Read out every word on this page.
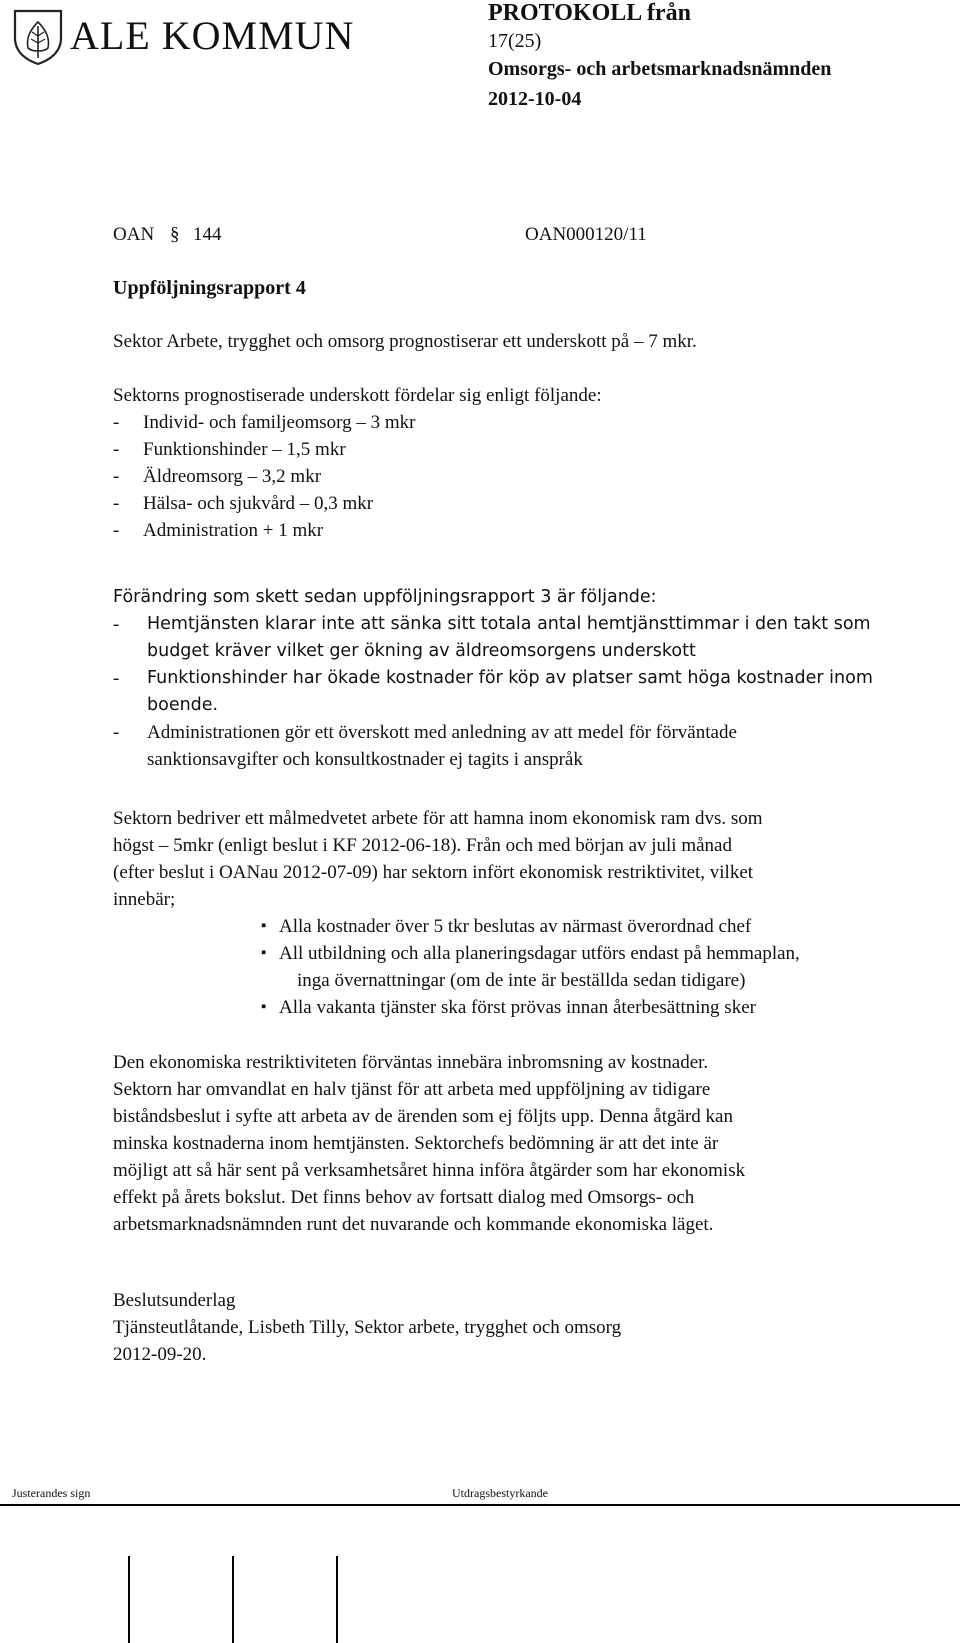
ALE KOMMUN	PROTOKOLL från
17(25)
Omsorgs- och arbetsmarknadsnämnden
2012-10-04
OAN § 144	OAN000120/11
Uppföljningsrapport 4
Sektor Arbete, trygghet och omsorg prognostiserar ett underskott på – 7 mkr.
Sektorns prognostiserade underskott fördelar sig enligt följande:
- Individ- och familjeomsorg – 3 mkr
- Funktionshinder – 1,5 mkr
- Äldreomsorg – 3,2 mkr
- Hälsa- och sjukvård – 0,3 mkr
- Administration + 1 mkr
Förändring som skett sedan uppföljningsrapport 3 är följande:
- Hemtjänsten klarar inte att sänka sitt totala antal hemtjänsttimmar i den takt som
budget kräver vilket ger ökning av äldreomsorgens underskott
- Funktionshinder har ökade kostnader för köp av platser samt höga kostnader inom
boende.
- Administrationen gör ett överskott med anledning av att medel för förväntade
sanktionsavgifter och konsultkostnader ej tagits i anspråk
Sektorn bedriver ett målmedvetet arbete för att hamna inom ekonomisk ram dvs. som
högst – 5mkr (enligt beslut i KF 2012-06-18). Från och med början av juli månad
(efter beslut i OANau 2012-07-09) har sektorn infört ekonomisk restriktivitet, vilket
innebär;
▪ Alla kostnader över 5 tkr beslutas av närmast överordnad chef
▪ All utbildning och alla planeringsdagar utförs endast på hemmaplan,
inga övernattningar (om de inte är beställda sedan tidigare)
▪ Alla vakanta tjänster ska först prövas innan återbesättning sker
Den ekonomiska restriktiviteten förväntas innebära inbromsning av kostnader.
Sektorn har omvandlat en halv tjänst för att arbeta med uppföljning av tidigare
biståndsbeslut i syfte att arbeta av de ärenden som ej följts upp. Denna åtgärd kan
minska kostnaderna inom hemtjänsten. Sektorchefs bedömning är att det inte är
möjligt att så här sent på verksamhetsåret hinna införa åtgärder som har ekonomisk
effekt på årets bokslut. Det finns behov av fortsatt dialog med Omsorgs- och
arbetsmarknadsnämnden runt det nuvarande och kommande ekonomiska läget.
Beslutsunderlag
Tjänsteutlåtande, Lisbeth Tilly, Sektor arbete, trygghet och omsorg
2012-09-20.
Justerandes sign	Utdragsbestyrkande
